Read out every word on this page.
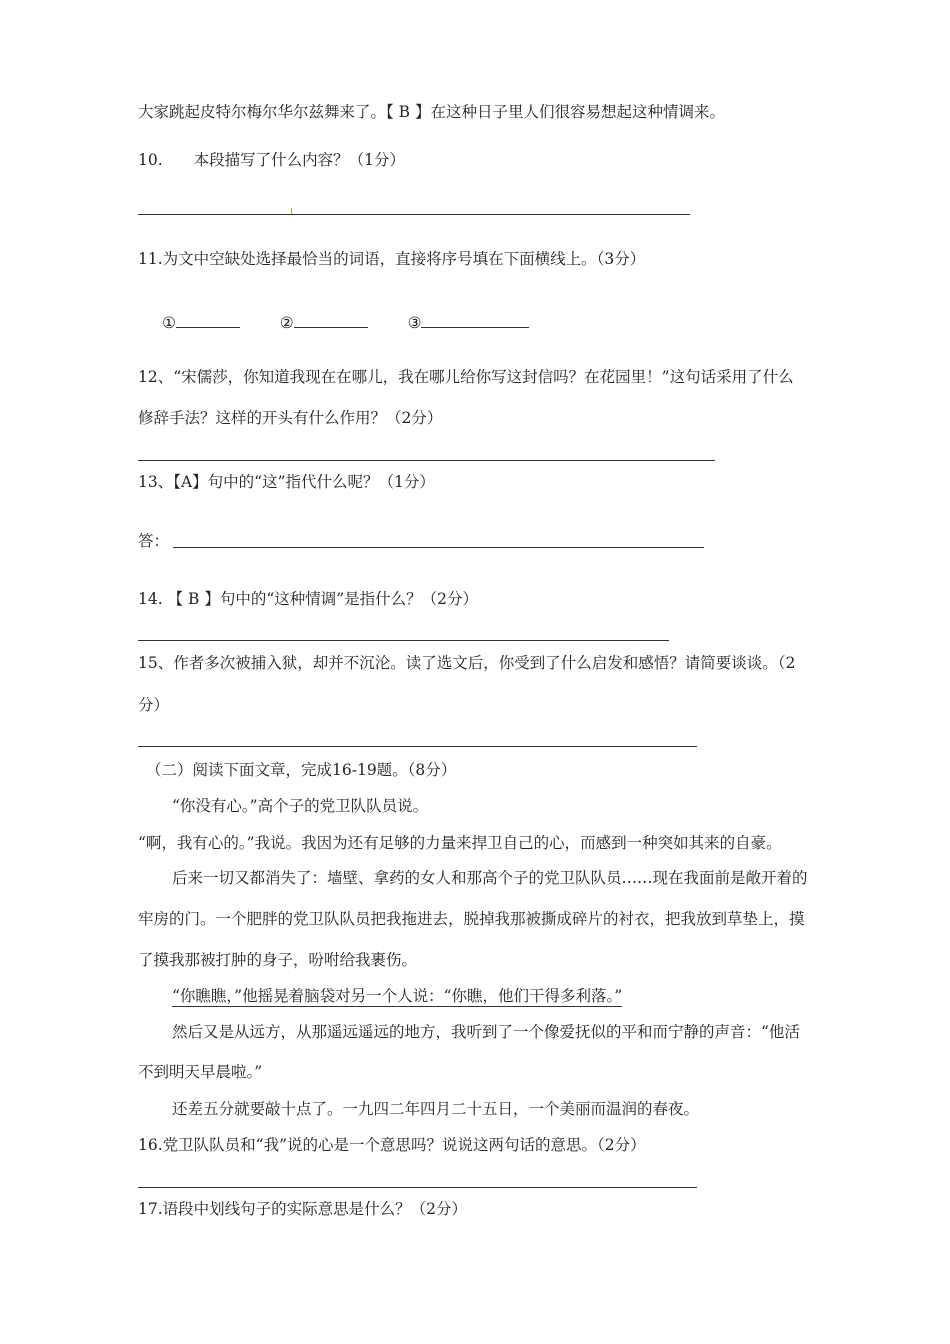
大家跳起皮特尔梅尔华尔兹舞来了。【 B 】在这种日子里人们很容易想起这种情调来。
10.　　本段描写了什么内容？（1分）
11.为文中空缺处选择最恰当的词语，直接将序号填在下面横线上。（3分）
①	②	③
12、“宋儒莎，你知道我现在在哪儿，我在哪儿给你写这封信吗？在花园里！”这句话采用了什么
修辞手法？这样的开头有什么作用？（2分）
13、【A】句中的“这”指代什么呢？（1分）
答：
14. 【 B 】句中的“这种情调”是指什么？（2分）
15、作者多次被捕入狱，却并不沉沦。读了选文后，你受到了什么启发和感悟？请简要谈谈。（2
分）
（二）阅读下面文章，完成16-19题。（8分）
“你没有心。”高个子的党卫队队员说。
“啊，我有心的。”我说。我因为还有足够的力量来捍卫自己的心，而感到一种突如其来的自豪。
后来一切又都消失了：墙壁、拿药的女人和那高个子的党卫队队员……现在我面前是敞开着的
牢房的门。一个肥胖的党卫队队员把我拖进去，脱掉我那被撕成碎片的衬衣，把我放到草垫上，摸
了摸我那被打肿的身子，吩咐给我裹伤。
“你瞧瞧，”他摇晃着脑袋对另一个人说：“你瞧，他们干得多利落。”
然后又是从远方，从那遥远遥远的地方，我听到了一个像爱抚似的平和而宁静的声音：“他活
不到明天早晨啦。”
还差五分就要敲十点了。一九四二年四月二十五日，一个美丽而温润的春夜。
16.党卫队队员和“我”说的心是一个意思吗？说说这两句话的意思。（2分）
17.语段中划线句子的实际意思是什么？（2分）
